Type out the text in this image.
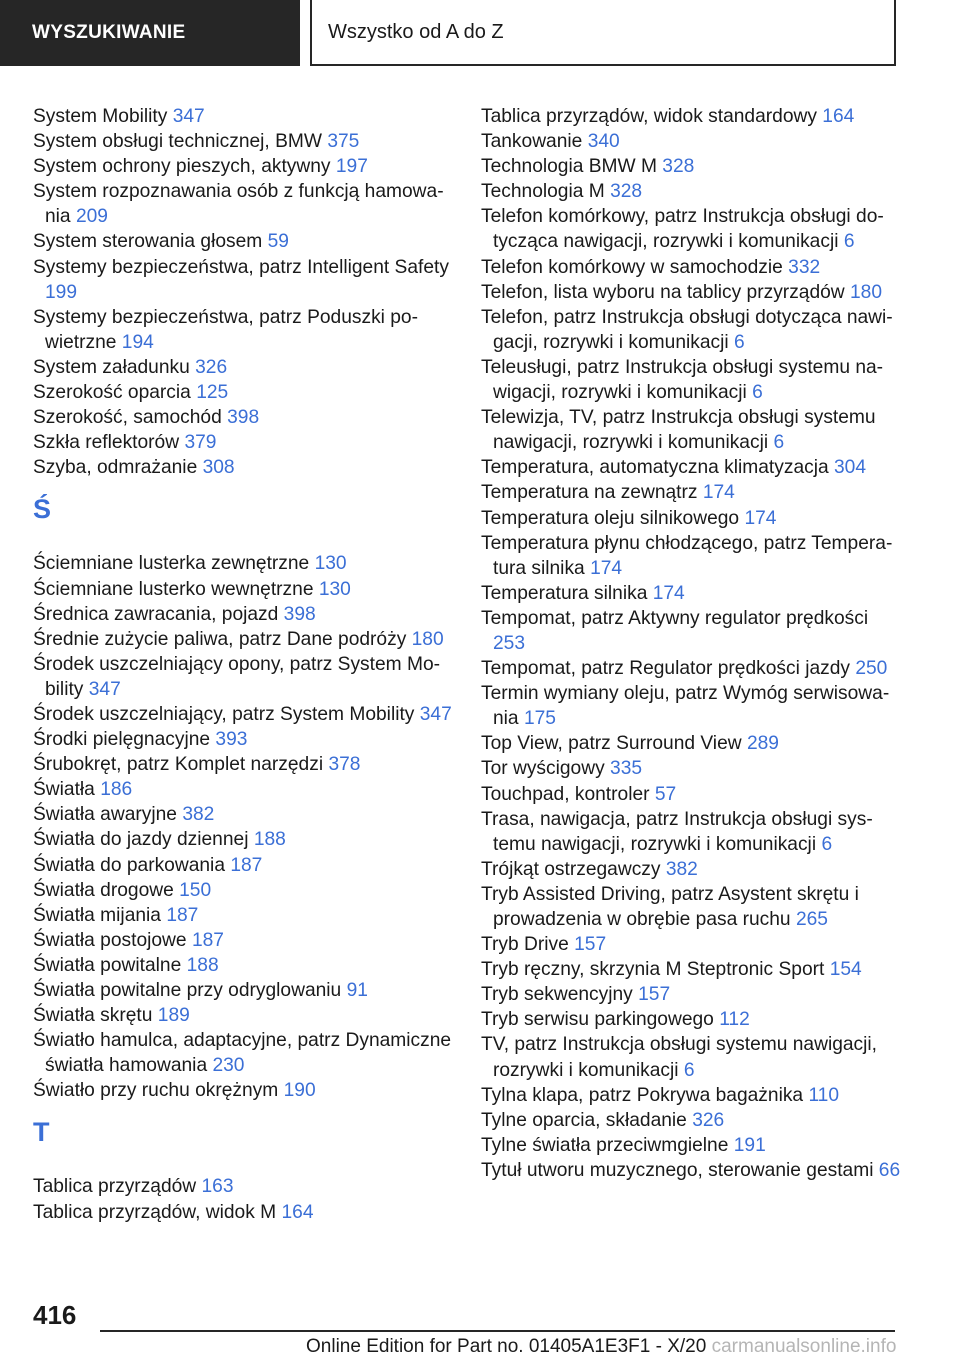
WYSZUKIWANIE	Wszystko od A do Z
System Mobility 347
System obsługi technicznej, BMW 375
System ochrony pieszych, aktywny 197
System rozpoznawania osób z funkcją hamowania 209
System sterowania głosem 59
Systemy bezpieczeństwa, patrz Intelligent Safety 199
Systemy bezpieczeństwa, patrz Poduszki powietrzne 194
System załadunku 326
Szerokość oparcia 125
Szerokość, samochód 398
Szkła reflektorów 379
Szyba, odmrażanie 308
Ś
Ściemniane lusterka zewnętrzne 130
Ściemniane lusterko wewnętrzne 130
Średnica zawracania, pojazd 398
Średnie zużycie paliwa, patrz Dane podróży 180
Środek uszczelniający opony, patrz System Mobility 347
Środek uszczelniający, patrz System Mobility 347
Środki pielęgnacyjne 393
Śrubokręt, patrz Komplet narzędzi 378
Światła 186
Światła awaryjne 382
Światła do jazdy dziennej 188
Światła do parkowania 187
Światła drogowe 150
Światła mijania 187
Światła postojowe 187
Światła powitalne 188
Światła powitalne przy odryglowaniu 91
Światła skrętu 189
Światło hamulca, adaptacyjne, patrz Dynamiczne światła hamowania 230
Światło przy ruchu okrężnym 190
T
Tablica przyrządów 163
Tablica przyrządów, widok M 164
Tablica przyrządów, widok standardowy 164
Tankowanie 340
Technologia BMW M 328
Technologia M 328
Telefon komórkowy, patrz Instrukcja obsługi dotycząca nawigacji, rozrywki i komunikacji 6
Telefon komórkowy w samochodzie 332
Telefon, lista wyboru na tablicy przyrządów 180
Telefon, patrz Instrukcja obsługi dotycząca nawigacji, rozrywki i komunikacji 6
Teleusługi, patrz Instrukcja obsługi systemu nawigacji, rozrywki i komunikacji 6
Telewizja, TV, patrz Instrukcja obsługi systemu nawigacji, rozrywki i komunikacji 6
Temperatura, automatyczna klimatyzacja 304
Temperatura na zewnątrz 174
Temperatura oleju silnikowego 174
Temperatura płynu chłodzącego, patrz Temperatura silnika 174
Temperatura silnika 174
Tempomat, patrz Aktywny regulator prędkości 253
Tempomat, patrz Regulator prędkości jazdy 250
Termin wymiany oleju, patrz Wymóg serwisowania 175
Top View, patrz Surround View 289
Tor wyścigowy 335
Touchpad, kontroler 57
Trasa, nawigacja, patrz Instrukcja obsługi systemu nawigacji, rozrywki i komunikacji 6
Trójkąt ostrzegawczy 382
Tryb Assisted Driving, patrz Asystent skrętu i prowadzenia w obrębie pasa ruchu 265
Tryb Drive 157
Tryb ręczny, skrzynia M Steptronic Sport 154
Tryb sekwencyjny 157
Tryb serwisu parkingowego 112
TV, patrz Instrukcja obsługi systemu nawigacji, rozrywki i komunikacji 6
Tylna klapa, patrz Pokrywa bagażnika 110
Tylne oparcia, składanie 326
Tylne światła przeciwmgielne 191
Tytuł utworu muzycznego, sterowanie gestami 66
416
Online Edition for Part no. 01405A1E3F1 - X/20 carmanualsonline.info
